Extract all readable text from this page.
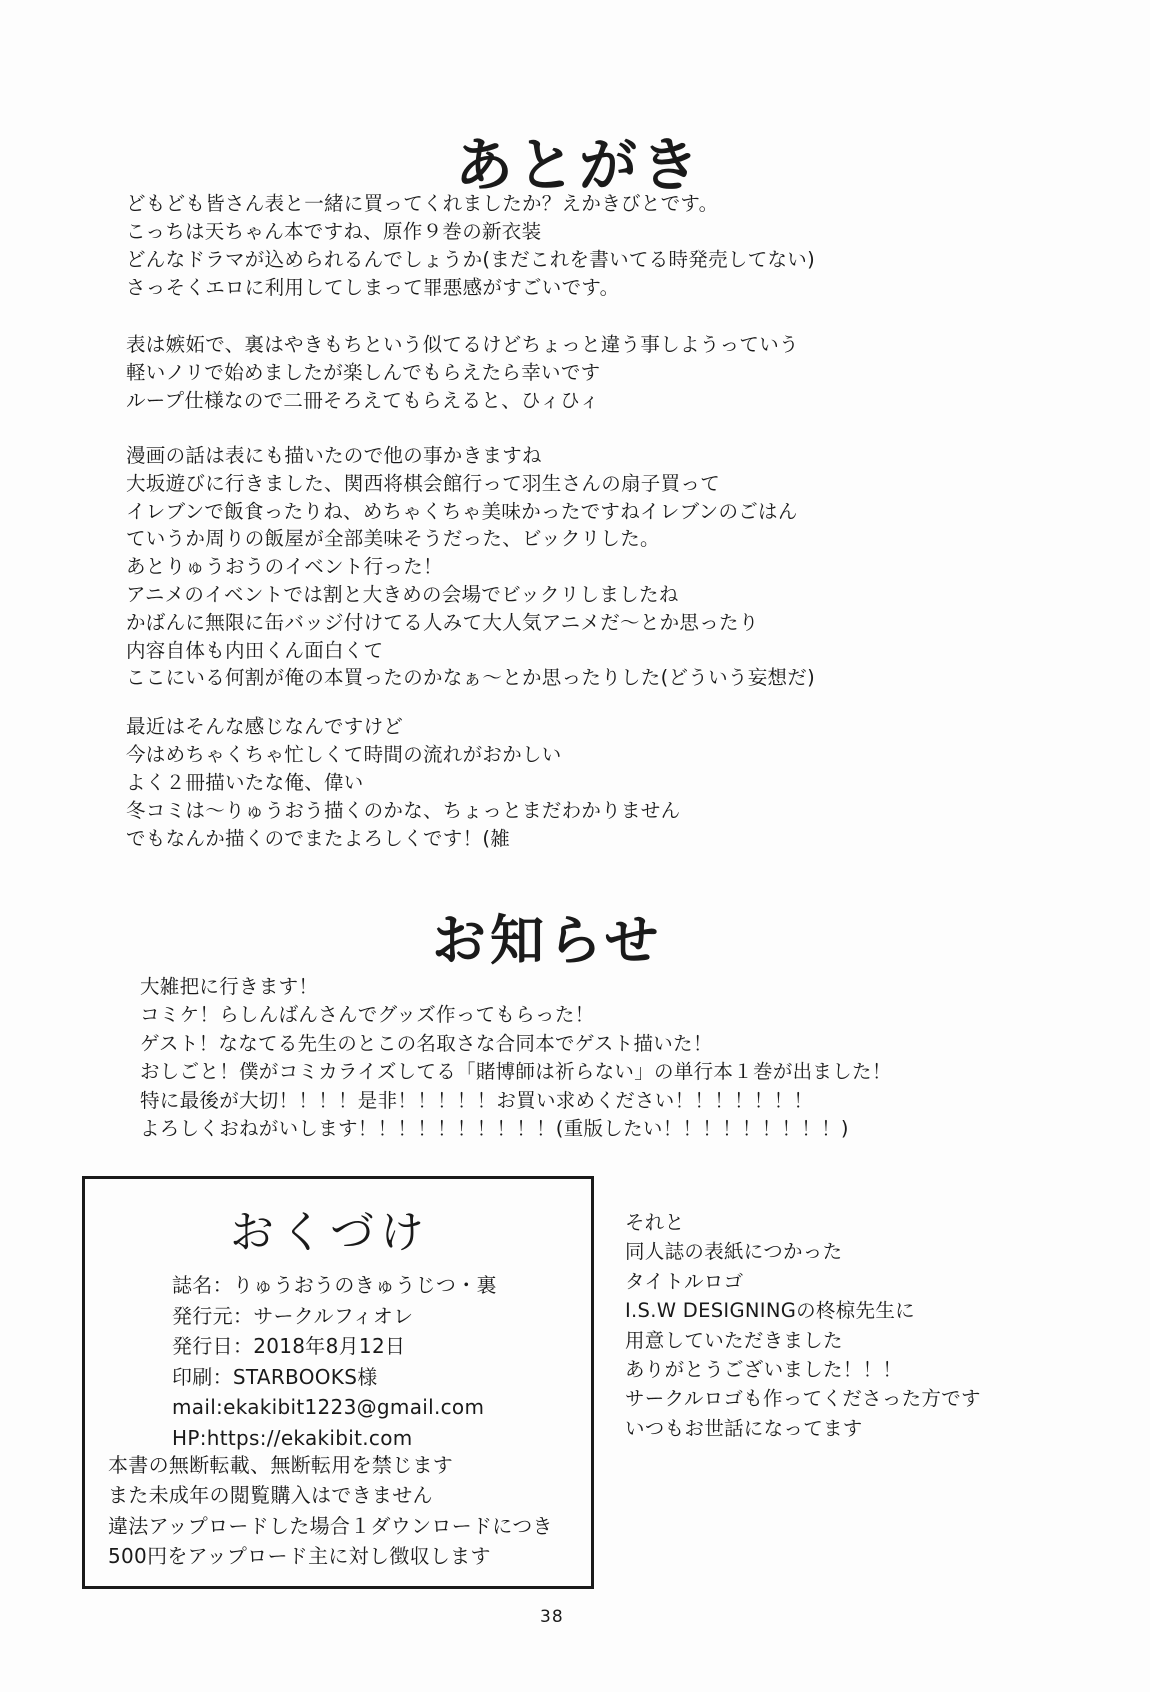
あとがき
どもども皆さん表と一緒に買ってくれましたか？えかきびとです。
こっちは天ちゃん本ですね、原作９巻の新衣装
どんなドラマが込められるんでしょうか(まだこれを書いてる時発売してない)
さっそくエロに利用してしまって罪悪感がすごいです。
表は嫉妬で、裏はやきもちという似てるけどちょっと違う事しようっていう
軽いノリで始めましたが楽しんでもらえたら幸いです
ループ仕様なので二冊そろえてもらえると、ひィひィ
漫画の話は表にも描いたので他の事かきますね
大坂遊びに行きました、関西将棋会館行って羽生さんの扇子買って
イレブンで飯食ったりね、めちゃくちゃ美味かったですねイレブンのごはん
ていうか周りの飯屋が全部美味そうだった、ビックリした。
あとりゅうおうのイベント行った！
アニメのイベントでは割と大きめの会場でビックリしましたね
かばんに無限に缶バッジ付けてる人みて大人気アニメだ〜とか思ったり
内容自体も内田くん面白くて
ここにいる何割が俺の本買ったのかなぁ〜とか思ったりした(どういう妄想だ)
最近はそんな感じなんですけど
今はめちゃくちゃ忙しくて時間の流れがおかしい
よく２冊描いたな俺、偉い
冬コミは〜りゅうおう描くのかな、ちょっとまだわかりません
でもなんか描くのでまたよろしくです！(雑
お知らせ
大雑把に行きます！
コミケ！らしんばんさんでグッズ作ってもらった！
ゲスト！ななてる先生のとこの名取さな合同本でゲスト描いた！
おしごと！僕がコミカライズしてる「賭博師は祈らない」の単行本１巻が出ました！
特に最後が大切！！！！是非！！！！！お買い求めください！！！！！！！
よろしくおねがいします！！！！！！！！！！(重版したい！！！！！！！！！)
おくづけ
誌名：りゅうおうのきゅうじつ・裏
発行元：サークルフィオレ
発行日：2018年8月12日
印刷：STARBOOKS様
mail:ekakibit1223@gmail.com
HP:https://ekakibit.com
本書の無断転載、無断転用を禁じます
また未成年の閲覧購入はできません
違法アップロードした場合１ダウンロードにつき
500円をアップロード主に対し徴収します
それと
同人誌の表紙につかった
タイトルロゴ
I.S.W DESIGNINGの柊椋先生に
用意していただきました
ありがとうございました！！！
サークルロゴも作ってくださった方です
いつもお世話になってます
38
